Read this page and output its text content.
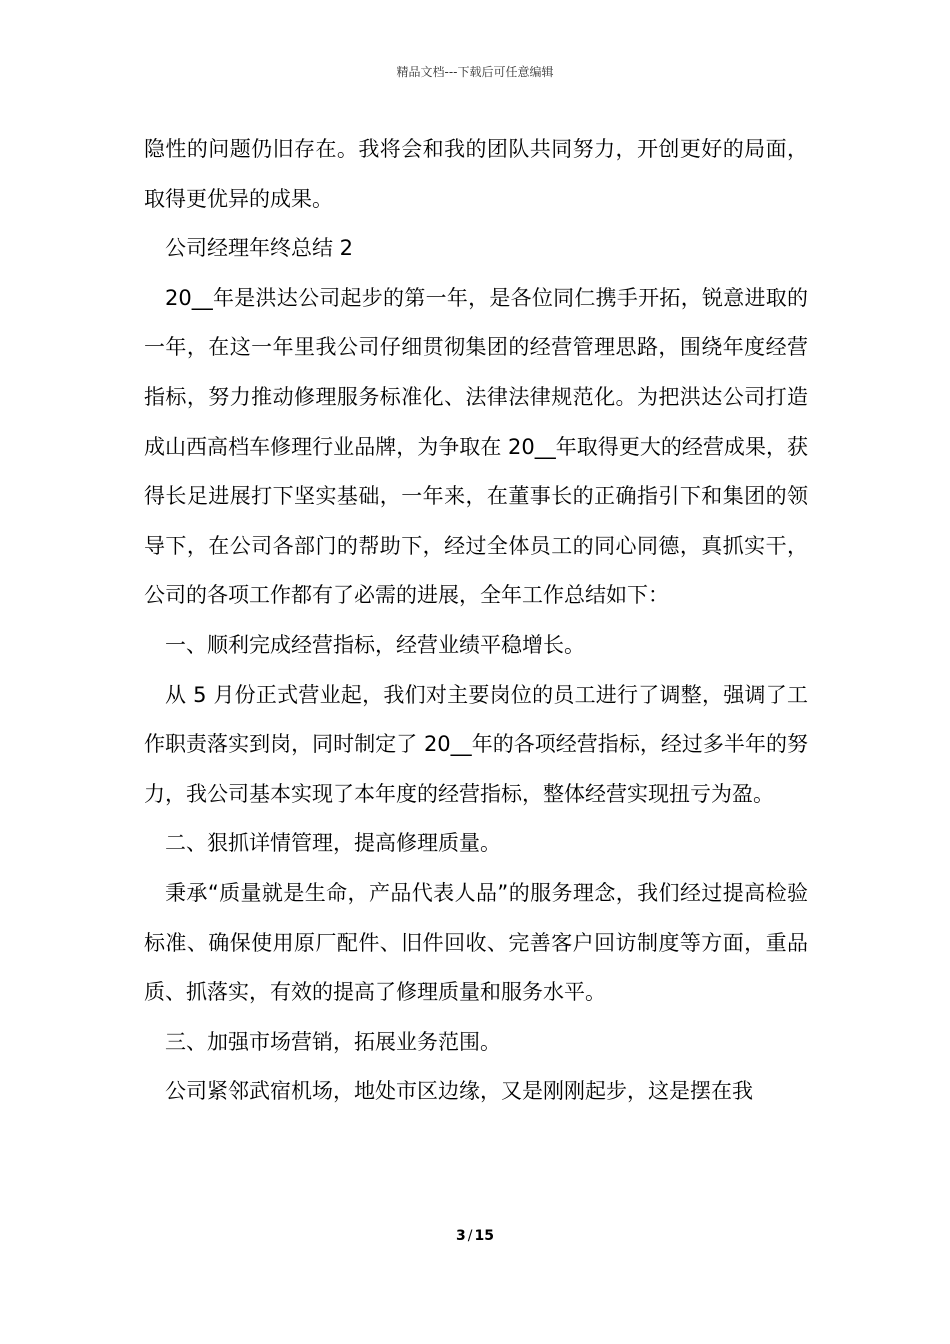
精品文档---下载后可任意编辑

隐性的问题仍旧存在。我将会和我的团队共同努力，开创更好的局面，取得更优异的成果。

公司经理年终总结 2

20__年是洪达公司起步的第一年，是各位同仁携手开拓，锐意进取的一年，在这一年里我公司仔细贯彻集团的经营管理思路，围绕年度经营指标，努力推动修理服务标准化、法律法律规范化。为把洪达公司打造成山西高档车修理行业品牌，为争取在 20__年取得更大的经营成果，获得长足进展打下坚实基础，一年来，在董事长的正确指引下和集团的领导下，在公司各部门的帮助下，经过全体员工的同心同德，真抓实干，公司的各项工作都有了必需的进展，全年工作总结如下：

一、顺利完成经营指标，经营业绩平稳增长。

从 5 月份正式营业起，我们对主要岗位的员工进行了调整，强调了工作职责落实到岗，同时制定了 20__年的各项经营指标，经过多半年的努力，我公司基本实现了本年度的经营指标，整体经营实现扭亏为盈。

二、狠抓详情管理，提高修理质量。

秉承“质量就是生命，产品代表人品”的服务理念，我们经过提高检验标准、确保使用原厂配件、旧件回收、完善客户回访制度等方面，重品质、抓落实，有效的提高了修理质量和服务水平。

三、加强市场营销，拓展业务范围。

公司紧邻武宿机场，地处市区边缘，又是刚刚起步，这是摆在我

3 / 15
